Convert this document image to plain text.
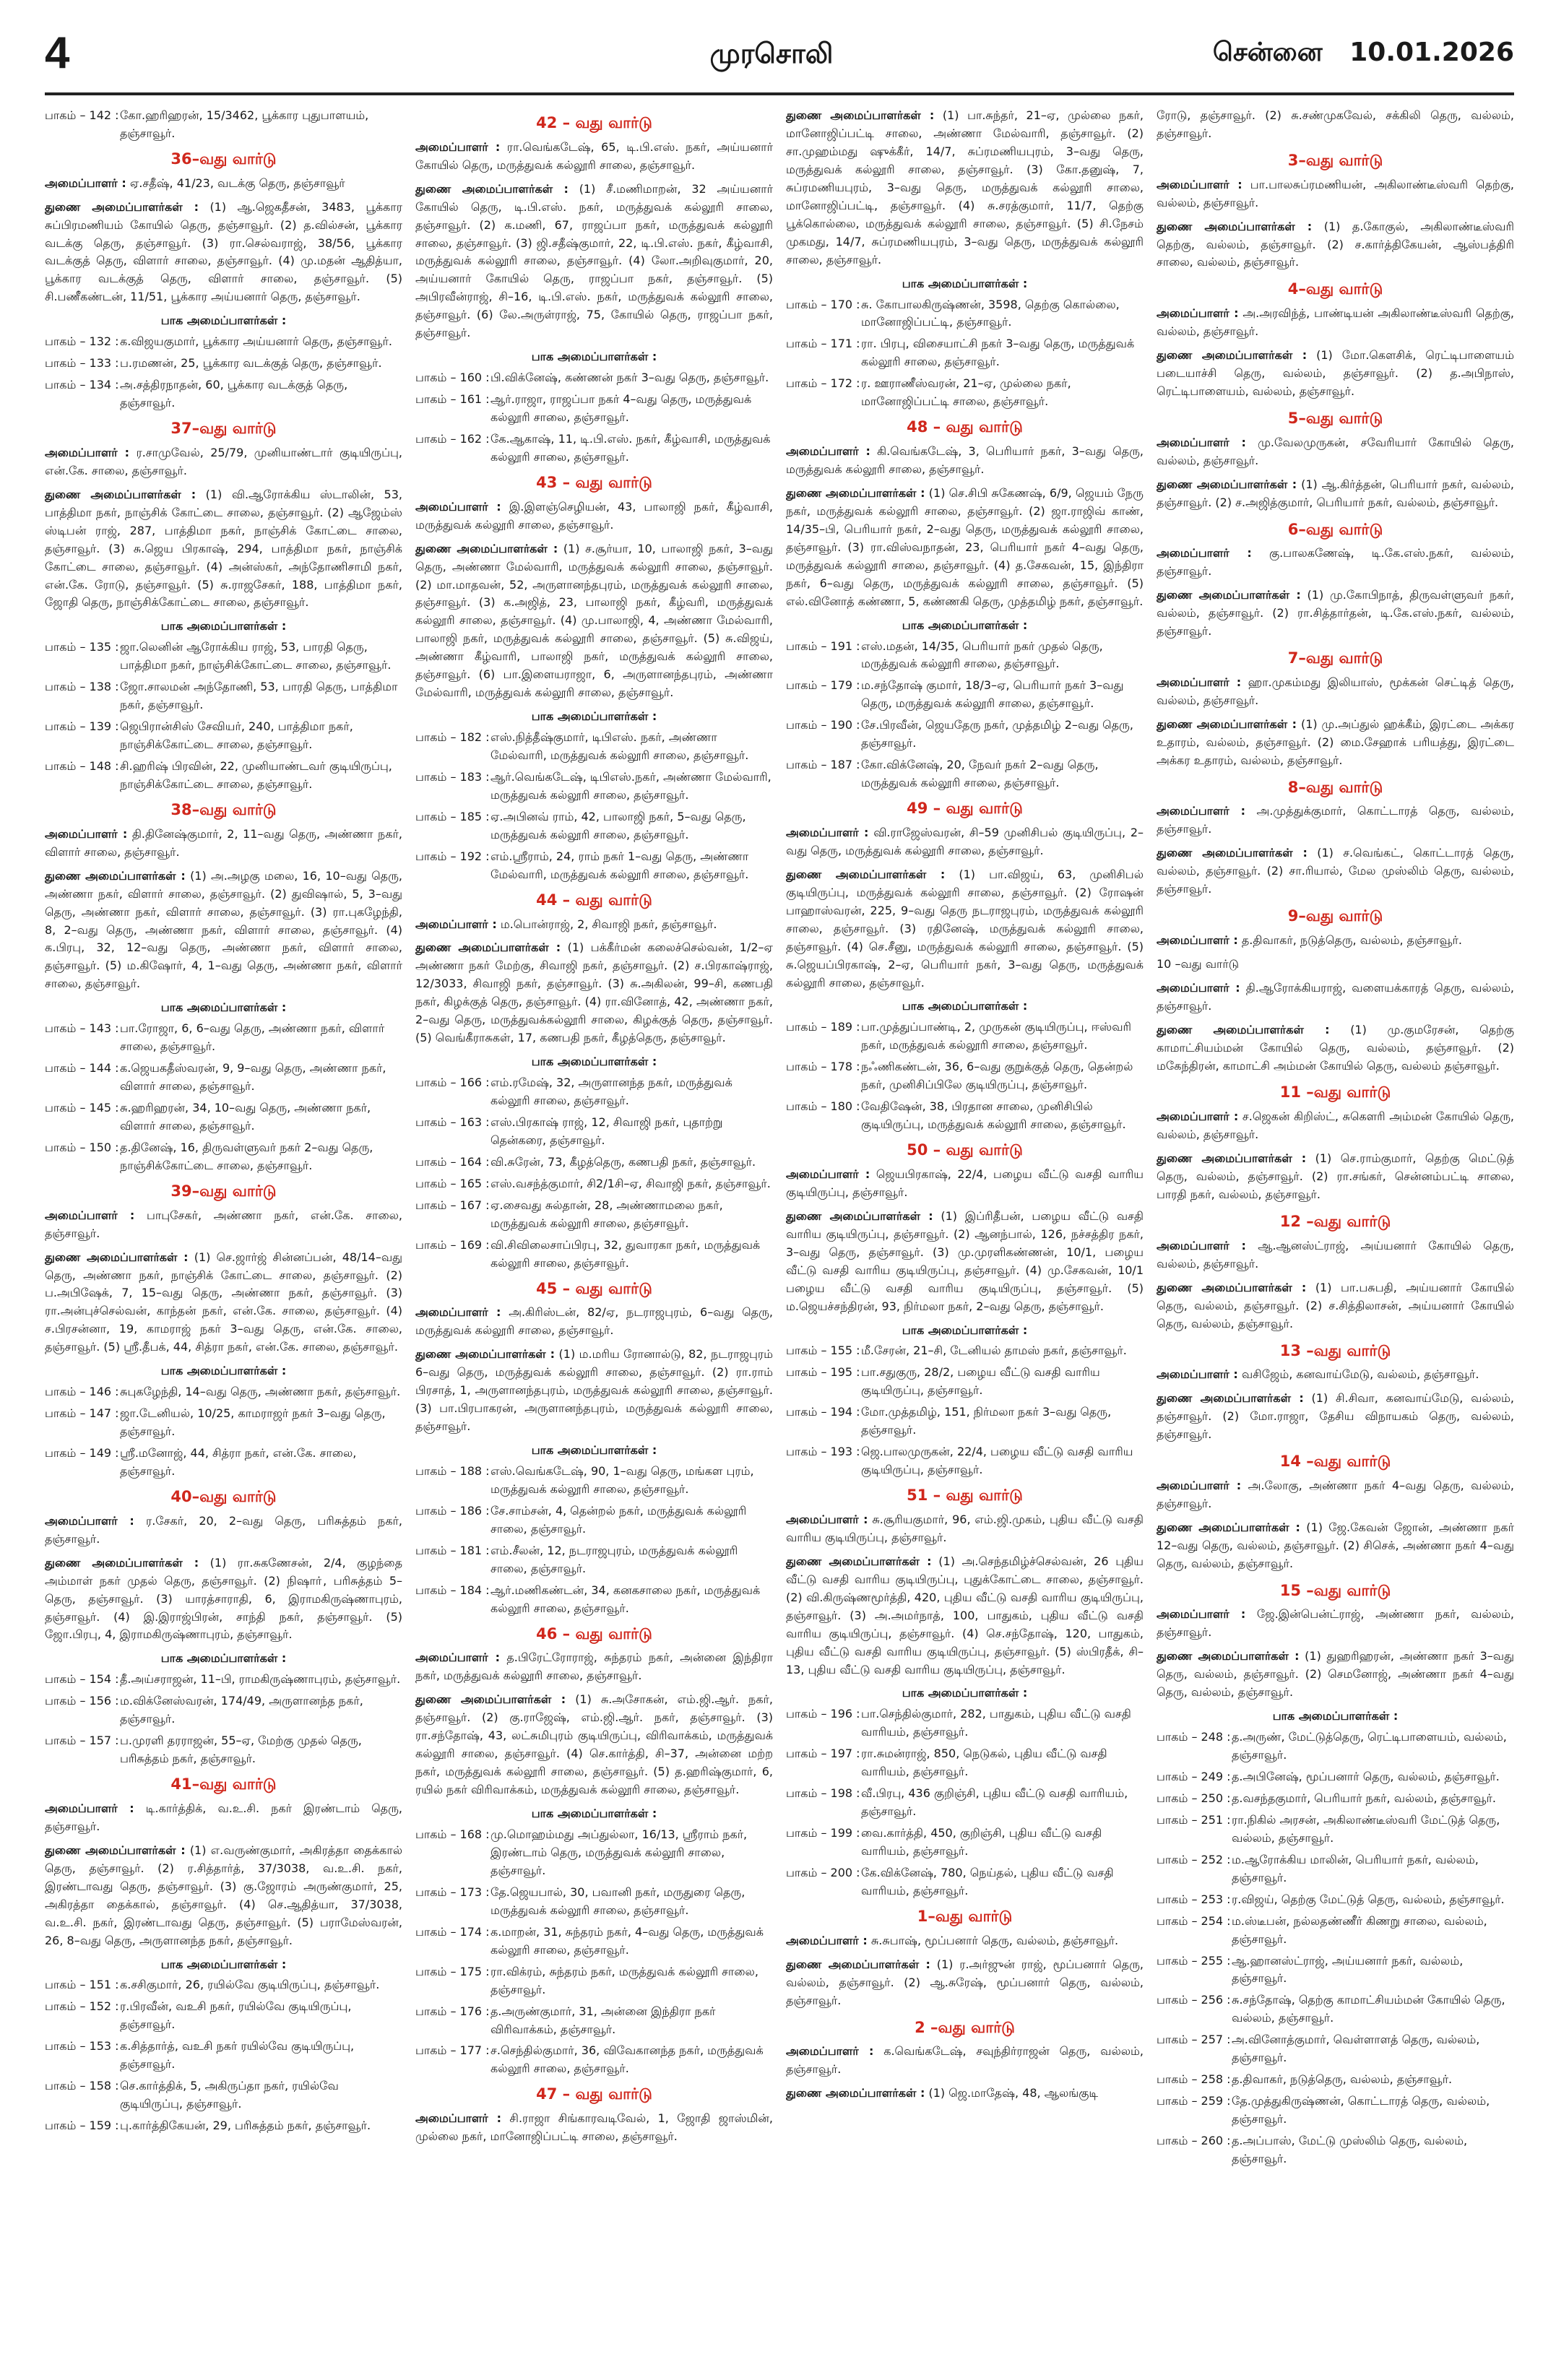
4	முரசொலி	சென்னை   10.01.2026
பாகம் – 142 : கோ.ஹரிஹரன், 15/3462, பூக்கார புதுபாளயம், தஞ்சாவூர்.
36–வது வார்டு

அமைப்பாளர் : ஏ.சதீஷ், 41/23, வடக்கு தெரு, தஞ்சாவூர்

துணை அமைப்பாளர்கள் : (1) ஆ.ஜெகதீசன், 3483, பூக்கார சுப்பிரமணியம் கோயில் தெரு, தஞ்சாவூர். (2) த.வில்சன், பூக்கார வடக்கு தெரு, தஞ்சாவூர். (3) ரா.செல்வராஜ், 38/56, பூக்கார வடக்குத் தெரு, விளார் சாலை, தஞ்சாவூர். (4) மு.மதன் ஆதித்யா, பூக்கார வடக்குத் தெரு, விளார் சாலை, தஞ்சாவூர். (5) சி.பணீகண்டன், 11/51, பூக்கார அய்யனார் தெரு, தஞ்சாவூர்.

பாக அமைப்பாளர்கள் :
பாகம் – 132 : க.விஜயகுமார், பூக்கார அய்யனார் தெரு, தஞ்சாவூர்.
பாகம் – 133 : ப.ரமணன், 25, பூக்கார வடக்குத் தெரு, தஞ்சாவூர்.
பாகம் – 134 : அ.சத்திரநாதன், 60, பூக்கார வடக்குத் தெரு, தஞ்சாவூர்.
37–வது வார்டு

அமைப்பாளர் : ர.சாமுவேல், 25/79, முனியாண்டார் குடியிருப்பு, என்.கே. சாலை, தஞ்சாவூர்.

துணை அமைப்பாளர்கள் : (1) வி.ஆரோக்கிய ஸ்டாலின், 53, பாத்திமா நகர், நாஞ்சிக் கோட்டை சாலை, தஞ்சாவூர். (2) ஆஜேம்ஸ் ஸ்டிபன் ராஜ், 287, பாத்திமா நகர், நாஞ்சிக் கோட்டை சாலை, தஞ்சாவூர். (3) சு.ஜெய பிரகாஷ், 294, பாத்திமா நகர், நாஞ்சிக் கோட்டை சாலை, தஞ்சாவூர். (4) அன்ஸ்கர், அந்தோணிசாமி நகர், என்.கே. ரோடு, தஞ்சாவூர். (5) சு.ராஜசேகர், 188, பாத்திமா நகர், ஜோதி தெரு, நாஞ்சிக்கோட்டை சாலை, தஞ்சாவூர்.

பாக அமைப்பாளர்கள் :
பாகம் – 135 : ஜா.லெனின் ஆரோக்கிய ராஜ், 53, பாரதி தெரு, பாத்திமா நகர், நாஞ்சிக்கோட்டை சாலை, தஞ்சாவூர்.
பாகம் – 138 : ஜோ.சாலமன் அந்தோணி, 53, பாரதி தெரு, பாத்திமா நகர், தஞ்சாவூர்.
பாகம் – 139 : ஜெபிரான்சிஸ் சேவியர், 240, பாத்திமா நகர், நாஞ்சிக்கோட்டை சாலை, தஞ்சாவூர்.
பாகம் – 148 : சி.ஹரிஷ் பிரவின், 22, முனியாண்டவர் குடியிருப்பு, நாஞ்சிக்கோட்டை சாலை, தஞ்சாவூர்.
38–வது வார்டு

அமைப்பாளர் : தி.தினேஷ்குமார், 2, 11–வது தெரு, அண்ணா நகர், விளார் சாலை, தஞ்சாவூர்.

துணை அமைப்பாளர்கள் : (1) அ.அழகு மலை, 16, 10–வது தெரு, அண்ணா நகர், விளார் சாலை, தஞ்சாவூர். (2) துவிஷால், 5, 3–வது தெரு, அண்ணா நகர், விளார் சாலை, தஞ்சாவூர். (3) ரா.புகழேந்தி, 8, 2–வது தெரு, அண்ணா நகர், விளார் சாலை, தஞ்சாவூர். (4) க.பிரபு, 32, 12–வது தெரு, அண்ணா நகர், விளார் சாலை, தஞ்சாவூர். (5) ம.கிஷோர், 4, 1–வது தெரு, அண்ணா நகர், விளார் சாலை, தஞ்சாவூர்.

பாக அமைப்பாளர்கள் :
பாகம் – 143 : பா.ரோஜா, 6, 6–வது தெரு, அண்ணா நகர், விளார் சாலை, தஞ்சாவூர்.
பாகம் – 144 : க.ஜெயகதீஸ்வரன், 9, 9–வது தெரு, அண்ணா நகர், விளார் சாலை, தஞ்சாவூர்.
பாகம் – 145 : சு.ஹரிஹரன், 34, 10–வது தெரு, அண்ணா நகர், விளார் சாலை, தஞ்சாவூர்.
பாகம் – 150 : த.தினேஷ், 16, திருவள்ளுவர் நகர் 2–வது தெரு, நாஞ்சிக்கோட்டை சாலை, தஞ்சாவூர்.
39–வது வார்டு

அமைப்பாளர் : பாபுசேகர், அண்ணா நகர், என்.கே. சாலை, தஞ்சாவூர்.

துணை அமைப்பாளர்கள் : (1) செ.ஜார்ஜ் சின்னப்பன், 48/14–வது தெரு, அண்ணா நகர், நாஞ்சிக் கோட்டை சாலை, தஞ்சாவூர். (2) ப.அபிஷேக், 7, 15–வது தெரு, அண்ணா நகர், தஞ்சாவூர். (3) ரா.அன்புச்செல்வன், காந்தன் நகர், என்.கே. சாலை, தஞ்சாவூர். (4) ச.பிரசன்னா, 19, காமராஜ் நகர் 3–வது தெரு, என்.கே. சாலை, தஞ்சாவூர். (5) ஸ்ரீ.தீபக், 44, சித்ரா நகர், என்.கே. சாலை, தஞ்சாவூர்.

பாக அமைப்பாளர்கள் :
பாகம் – 146 : சுபுகழேந்தி, 14–வது தெரு, அண்ணா நகர், தஞ்சாவூர்.
பாகம் – 147 : ஜா.டேனியல், 10/25, காமராஜர் நகர் 3–வது தெரு, தஞ்சாவூர்.
பாகம் – 149 : ஸ்ரீ.மனோஜ், 44, சித்ரா நகர், என்.கே. சாலை, தஞ்சாவூர்.
40–வது வார்டு

அமைப்பாளர் : ர.சேகர், 20, 2–வது தெரு, பரிசுத்தம் நகர், தஞ்சாவூர்.

துணை அமைப்பாளர்கள் : (1) ரா.சுகணேசன், 2/4, குழந்தை அம்மாள் நகர் முதல் தெரு, தஞ்சாவூர். (2) நிஷாா், பரிசுத்தம் 5–தெரு, தஞ்சாவூர். (3) யாரத்சாராதி, 6, இராமகிருஷ்ணாபுரம், தஞ்சாவூர். (4) இ.இராஜ்பிரன், சாந்தி நகர், தஞ்சாவூர். (5) ஜோ.பிரபு, 4, இராமகிருஷ்ணாபுரம், தஞ்சாவூர்.

பாக அமைப்பாளர்கள் :
பாகம் – 154 : தீ.அய்சராஜன், 11–பி, ராமகிருஷ்ணாபுரம், தஞ்சாவூர்.
பாகம் – 156 : ம.விக்னேஸ்வரன், 174/49, அருளானந்த நகர், தஞ்சாவூர்.
பாகம் – 157 : ப.முரளி தரராஜன், 55–ஏ, மேற்கு முதல் தெரு, பரிசுத்தம் நகர், தஞ்சாவூர்.
41–வது வார்டு

அமைப்பாளர் : டி.கார்த்திக், வ.உ.சி. நகர் இரண்டாம் தெரு, தஞ்சாவூர்.

துணை அமைப்பாளர்கள் : (1) எ.வருண்குமார், அகிரத்தா தைக்கால் தெரு, தஞ்சாவூர். (2) ர.சித்தார்த், 37/3038, வ.உ.சி. நகர், இரண்டாவது தெரு, தஞ்சாவூர். (3) கு.ஜோரம் அருண்குமார், 25, அகிரத்தா தைக்கால், தஞ்சாவூர். (4) செ.ஆதித்யா, 37/3038, வ.உ.சி. நகர், இரண்டாவது தெரு, தஞ்சாவூர். (5) பராமேஸ்வரன், 26, 8–வது தெரு, அருளானந்த நகர், தஞ்சாவூர்.

பாக அமைப்பாளர்கள் :
பாகம் – 151 : க.சசிகுமார், 26, ரயில்வே குடியிருப்பு, தஞ்சாவூர்.
பாகம் – 152 : ர.பிரவீன், வஉசி நகர், ரயில்வே குடியிருப்பு, தஞ்சாவூர்.
பாகம் – 153 : க.சித்தார்த், வஉசி நகர் ரயில்வே குடியிருப்பு, தஞ்சாவூர்.
பாகம் – 158 : செ.கார்த்திக், 5, அகிருப்தா நகர், ரயில்வே குடியிருப்பு, தஞ்சாவூர்.
பாகம் – 159 : பு.கார்த்திகேயன், 29, பரிசுத்தம் நகர், தஞ்சாவூர்.
42 – வது வார்டு

அமைப்பாளர் : ரா.வெங்கடேஷ், 65, டி.பி.எஸ். நகர், அய்யனார் கோயில் தெரு, மருத்துவக் கல்லூரி சாலை, தஞ்சாவூர்.

துணை அமைப்பாளர்கள் : (1) சீ.மணிமாறன், 32 அய்யனார் கோயில் தெரு, டி.பி.எஸ். நகர், மருத்துவக் கல்லூரி சாலை, தஞ்சாவூர். (2) க.மணி, 67, ராஜப்பா நகர், மருத்துவக் கல்லூரி சாலை, தஞ்சாவூர். (3) ஜி.சதீஷ்குமார், 22, டி.பி.எஸ். நகர், கீழ்வாசி, மருத்துவக் கல்லூரி சாலை, தஞ்சாவூர். (4) லோ.அறிவுகுமார், 20, அய்யனார் கோயில் தெரு, ராஜப்பா நகர், தஞ்சாவூர். (5) அபிரவீன்ராஜ், சி–16, டி.பி.எஸ். நகர், மருத்துவக் கல்லூரி சாலை, தஞ்சாவூர். (6) லே.அருள்ராஜ், 75, கோயில் தெரு, ராஜப்பா நகர், தஞ்சாவூர்.

பாக அமைப்பாளர்கள் :
பாகம் – 160 : பி.விக்னேஷ், கண்ணன் நகர் 3–வது தெரு, தஞ்சாவூர்.
பாகம் – 161 : ஆர்.ராஜா, ராஜப்பா நகர் 4–வது தெரு, மருத்துவக் கல்லூரி சாலை, தஞ்சாவூர்.
பாகம் – 162 : கே.ஆகாஷ், 11, டி.பி.எஸ். நகர், கீழ்வாசி, மருத்துவக் கல்லூரி சாலை, தஞ்சாவூர்.
43 – வது வார்டு

அமைப்பாளர் : இ.இளஞ்செழியன், 43, பாலாஜி நகர், கீழ்வாசி, மருத்துவக் கல்லூரி சாலை, தஞ்சாவூர்.

துணை அமைப்பாளர்கள் : (1) ச.சூர்யா, 10, பாலாஜி நகர், 3–வது தெரு, அண்ணா மேல்வாரி, மருத்துவக் கல்லூரி சாலை, தஞ்சாவூர். (2) மா.மாதவன், 52, அருளானந்தபுரம், மருத்துவக் கல்லூரி சாலை, தஞ்சாவூர். (3) க.அஜித், 23, பாலாஜி நகர், கீழ்வரி, மருத்துவக் கல்லூரி சாலை, தஞ்சாவூர். (4) மு.பாலாஜி, 4, அண்ணா மேல்வாரி, பாலாஜி நகர், மருத்துவக் கல்லூரி சாலை, தஞ்சாவூர். (5) சு.விஜய், அண்ணா கீழ்வாரி, பாலாஜி நகர், மருத்துவக் கல்லூரி சாலை, தஞ்சாவூர். (6) பா.இளையராஜா, 6, அருளானந்தபுரம், அண்ணா மேல்வாரி, மருத்துவக் கல்லூரி சாலை, தஞ்சாவூர்.

பாக அமைப்பாளர்கள் :
பாகம் – 182 : எஸ்.நித்தீஷ்குமார், டிபிஎஸ். நகர், அண்ணா மேல்வாரி, மருத்துவக் கல்லூரி சாலை, தஞ்சாவூர்.
பாகம் – 183 : ஆர்.வெங்கடேஷ், டிபிஎஸ்.நகர், அண்ணா மேல்வாரி, மருத்துவக் கல்லூரி சாலை, தஞ்சாவூர்.
பாகம் – 185 : ஏ.அபினவ் ராம், 42, பாலாஜி நகர், 5–வது தெரு, மருத்துவக் கல்லூரி சாலை, தஞ்சாவூர்.
பாகம் – 192 : எம்.ஸ்ரீராம், 24, ராம் நகர் 1–வது தெரு, அண்ணா மேல்வாரி, மருத்துவக் கல்லூரி சாலை, தஞ்சாவூர்.
44 – வது வார்டு

அமைப்பாளர் : ம.பொன்ராஜ், 2, சிவாஜி நகர், தஞ்சாவூர்.

துணை அமைப்பாளர்கள் : (1) பக்கீர்மன் கலைச்செல்வன், 1/2–ஏ அண்ணா நகர் மேற்கு, சிவாஜி நகர், தஞ்சாவூர். (2) ச.பிரகாஷ்ராஜ், 12/3033, சிவாஜி நகர், தஞ்சாவூர். (3) சு.அகிலன், 99–சி, கணபதி நகர், கிழக்குத் தெரு, தஞ்சாவூர். (4) ரா.வினோத், 42, அண்ணா நகர், 2–வது தெரு, மருத்துவக்கல்லூரி சாலை, கிழக்குத் தெரு, தஞ்சாவூர். (5) வெங்கீராசுகள், 17, கணபதி நகர், கீழத்தெரு, தஞ்சாவூர்.

பாக அமைப்பாளர்கள் :
பாகம் – 166 : எம்.ரமேஷ், 32, அருளானந்த நகர், மருத்துவக் கல்லூரி சாலை, தஞ்சாவூர்.
பாகம் – 163 : எஸ்.பிரகாஷ் ராஜ், 12, சிவாஜி நகர், புதாற்று தென்கரை, தஞ்சாவூர்.
பாகம் – 164 : வி.சுரேன், 73, கீழத்தெரு, கணபதி நகர், தஞ்சாவூர்.
பாகம் – 165 : எஸ்.வசந்த்குமார், சி2/1சி–ஏ, சிவாஜி நகர், தஞ்சாவூர்.
பாகம் – 167 : ஏ.சைவது சுல்தான், 28, அண்ணாமலை நகர், மருத்துவக் கல்லூரி சாலை, தஞ்சாவூர்.
பாகம் – 169 : வி.சிவிலைசாப்பிரபு, 32, துவாரகா நகர், மருத்துவக் கல்லூரி சாலை, தஞ்சாவூர்.
45 – வது வார்டு

அமைப்பாளர் : அ.கிரிஸ்டன், 82/ஏ, நடராஜபுரம், 6–வது தெரு, மருத்துவக் கல்லூரி சாலை, தஞ்சாவூர்.

துணை அமைப்பாளர்கள் : (1) ம.மரிய ரோனால்டு, 82, நடராஜபுரம் 6–வது தெரு, மருத்துவக் கல்லூரி சாலை, தஞ்சாவூர். (2) ரா.ராம் பிரசாத், 1, அருளானந்தபுரம், மருத்துவக் கல்லூரி சாலை, தஞ்சாவூர். (3) பா.பிரபாகரன், அருளானந்தபுரம், மருத்துவக் கல்லூரி சாலை, தஞ்சாவூர்.

பாக அமைப்பாளர்கள் :
பாகம் – 188 : எஸ்.வெங்கடேஷ், 90, 1–வது தெரு, மங்கள புரம், மருத்துவக் கல்லூரி சாலை, தஞ்சாவூர்.
பாகம் – 186 : சே.சாம்சன், 4, தென்றல் நகர், மருத்துவக் கல்லூரி சாலை, தஞ்சாவூர்.
பாகம் – 181 : எம்.சீலன், 12, நடராஜபுரம், மருத்துவக் கல்லூரி சாலை, தஞ்சாவூர்.
பாகம் – 184 : ஆர்.மணிகண்டன், 34, கனகசாலை நகர், மருத்துவக் கல்லூரி சாலை, தஞ்சாவூர்.
46 – வது வார்டு

அமைப்பாளர் : த.பிரேட்ரோராஜ், சுந்தரம் நகர், அன்னை இந்திரா நகர், மருத்துவக் கல்லூரி சாலை, தஞ்சாவூர்.

துணை அமைப்பாளர்கள் : (1) சு.அசோகன், எம்.ஜி.ஆர். நகர், தஞ்சாவூர். (2) கு.ராஜேஷ், எம்.ஜி.ஆர். நகர், தஞ்சாவூர். (3) ரா.சந்தோஷ், 43, லட்சுமிபுரம் குடியிருப்பு, விரிவாக்கம், மருத்துவக் கல்லூரி சாலை, தஞ்சாவூர். (4) செ.கார்த்தி, சி–37, அன்னை மற்ற நகர், மருத்துவக் கல்லூரி சாலை, தஞ்சாவூர். (5) த.ஹரிஷ்குமார், 6, ரயில் நகர் விரிவாக்கம், மருத்துவக் கல்லூரி சாலை, தஞ்சாவூர்.

பாக அமைப்பாளர்கள் :
பாகம் – 168 : மு.மொஹம்மது அப்துல்லா, 16/13, ஸ்ரீராம் நகர், இரண்டாம் தெரு, மருத்துவக் கல்லூரி சாலை, தஞ்சாவூர்.
பாகம் – 173 : தே.ஜெயபால், 30, பவானி நகர், மருதுரை தெரு, மருத்துவக் கல்லூரி சாலை, தஞ்சாவூர்.
பாகம் – 174 : க.மாறன், 31, சுந்தரம் நகர், 4–வது தெரு, மருத்துவக் கல்லூரி சாலை, தஞ்சாவூர்.
பாகம் – 175 : ரா.விக்ரம், சுந்தரம் நகர், மருத்துவக் கல்லூரி சாலை, தஞ்சாவூர்.
பாகம் – 176 : த.அருண்குமார், 31, அன்னை இந்திரா நகர் விரிவாக்கம், தஞ்சாவூர்.
பாகம் – 177 : ச.செந்தில்குமார், 36, விவேகானந்த நகர், மருத்துவக் கல்லூரி சாலை, தஞ்சாவூர்.
47 – வது வார்டு

அமைப்பாளர் : சி.ராஜா சிங்காரவடிவேல், 1, ஜோதி ஜாஸ்மின், முல்லை நகர், மானோஜிப்பட்டி சாலை, தஞ்சாவூர்.

துணை அமைப்பாளர்கள் : (1) பா.சுந்தர், 21–ஏ, முல்லை நகர், மானோஜிப்பட்டி சாலை, அண்ணா மேல்வாரி, தஞ்சாவூர். (2) சா.முஹம்மது ஷுக்கீர், 14/7, சுப்ரமணியபுரம், 3–வது தெரு, மருத்துவக் கல்லூரி சாலை, தஞ்சாவூர். (3) கோ.தனுஷ், 7, சுப்ரமணியபுரம், 3–வது தெரு, மருத்துவக் கல்லூரி சாலை, மானோஜிப்பட்டி, தஞ்சாவூர். (4) சு.சரத்குமார், 11/7, தெற்கு பூக்கொல்லை, மருத்துவக் கல்லூரி சாலை, தஞ்சாவூர். (5) சி.நேசம் முகமது, 14/7, சுப்ரமணியபுரம், 3–வது தெரு, மருத்துவக் கல்லூரி சாலை, தஞ்சாவூர்.

பாக அமைப்பாளர்கள் :
பாகம் – 170 : சு. கோபாலகிருஷ்ணன், 3598, தெற்கு கொல்லை, மானோஜிப்பட்டி, தஞ்சாவூர்.
பாகம் – 171 : ரா. பிரபு, விசையாட்சி நகர் 3–வது தெரு, மருத்துவக் கல்லூரி சாலை, தஞ்சாவூர்.
பாகம் – 172 : ர. ஊராணீஸ்வரன், 21–ஏ, முல்லை நகர், மானோஜிப்பட்டி சாலை, தஞ்சாவூர்.
48 – வது வார்டு

அமைப்பாளர் : கி.வெங்கடேஷ், 3, பெரியார் நகர், 3–வது தெரு, மருத்துவக் கல்லூரி சாலை, தஞ்சாவூர்.

துணை அமைப்பாளர்கள் : (1) செ.சிபி சுகேணஷ், 6/9, ஜெயம் நேரு நகர், மருத்துவக் கல்லூரி சாலை, தஞ்சாவூர். (2) ஜா.ராஜிவ் காண், 14/35–பி, பெரியார் நகர், 2–வது தெரு, மருத்துவக் கல்லூரி சாலை, தஞ்சாவூர். (3) ரா.விஸ்வநாதன், 23, பெரியார் நகர் 4–வது தெரு, மருத்துவக் கல்லூரி சாலை, தஞ்சாவூர். (4) த.சேகவன், 15, இந்திரா நகர், 6–வது தெரு, மருத்துவக் கல்லூரி சாலை, தஞ்சாவூர். (5) எல்.வினோத் கண்ணா, 5, கண்ணகி தெரு, முத்தமிழ் நகர், தஞ்சாவூர்.

பாக அமைப்பாளர்கள் :
பாகம் – 191 : எஸ்.மதன், 14/35, பெரியார் நகர் முதல் தெரு, மருத்துவக் கல்லூரி சாலை, தஞ்சாவூர்.
பாகம் – 179 : ம.சந்தோஷ் குமார், 18/3–ஏ, பெரியார் நகர் 3–வது தெரு, மருத்துவக் கல்லூரி சாலை, தஞ்சாவூர்.
பாகம் – 190 : சே.பிரவீன், ஜெயதேரு நகர், முத்தமிழ் 2–வது தெரு, தஞ்சாவூர்.
பாகம் – 187 : கோ.விக்னேஷ், 20, நேவர் நகர் 2–வது தெரு, மருத்துவக் கல்லூரி சாலை, தஞ்சாவூர்.
49 – வது வார்டு

அமைப்பாளர் : வி.ராஜேஸ்வரன், சி–59 முனிசிபல் குடியிருப்பு, 2–வது தெரு, மருத்துவக் கல்லூரி சாலை, தஞ்சாவூர்.

துணை அமைப்பாளர்கள் : (1) பா.விஜய், 63, முனிசிபல் குடியிருப்பு, மருத்துவக் கல்லூரி சாலை, தஞ்சாவூர். (2) ரோஷன் பாஹாஸ்வரன், 225, 9–வது தெரு நடராஜபுரம், மருத்துவக் கல்லூரி சாலை, தஞ்சாவூர். (3) ரதினேஷ், மருத்துவக் கல்லூரி சாலை, தஞ்சாவூர். (4) செ.சீனு, மருத்துவக் கல்லூரி சாலை, தஞ்சாவூர். (5) சு.ஜெயப்பிரகாஷ், 2–ஏ, பெரியார் நகர், 3–வது தெரு, மருத்துவக் கல்லூரி சாலை, தஞ்சாவூர்.

பாக அமைப்பாளர்கள் :
பாகம் – 189 : பா.முத்துப்பாண்டி, 2, முருகன் குடியிருப்பு, ஈஸ்வரி நகர், மருத்துவக் கல்லூரி சாலை, தஞ்சாவூர்.
பாகம் – 178 : நஃணிகண்டன், 36, 6–வது குறுக்குத் தெரு, தென்றல் நகர், முனிசிப்பிலே குடியிருப்பு, தஞ்சாவூர்.
பாகம் – 180 : வேதிஷேன், 38, பிரதான சாலை, முனிசிபில் குடியிருப்பு, மருத்துவக் கல்லூரி சாலை, தஞ்சாவூர்.
50 – வது வார்டு

அமைப்பாளர் : ஜெயபிரகாஷ், 22/4, பழைய வீட்டு வசதி வாரிய குடியிருப்பு, தஞ்சாவூர்.

துணை அமைப்பாளர்கள் : (1) இப்ரிதீபன், பழைய வீட்டு வசதி வாரிய குடியிருப்பு, தஞ்சாவூர். (2) ஆனந்பால், 126, நச்சத்திர நகர், 3–வது தெரு, தஞ்சாவூர். (3) மு.முரளிகண்ணன், 10/1, பழைய வீட்டு வசதி வாரிய குடியிருப்பு, தஞ்சாவூர். (4) மு.சேகவன், 10/1 பழைய வீட்டு வசதி வாரிய குடியிருப்பு, தஞ்சாவூர். (5) ம.ஜெயச்சந்திரன், 93, நிர்மலா நகர், 2–வது தெரு, தஞ்சாவூர்.

பாக அமைப்பாளர்கள் :
பாகம் – 155 : மீ.சேரன், 21–சி, டேனியல் தாமஸ் நகர், தஞ்சாவூர்.
பாகம் – 195 : பா.சதுகுரு, 28/2, பழைய வீட்டு வசதி வாரிய குடியிருப்பு, தஞ்சாவூர்.
பாகம் – 194 : மோ.முத்தமிழ், 151, நிர்மலா நகர் 3–வது தெரு, தஞ்சாவூர்.
பாகம் – 193 : ஜெ.பாலமுருகன், 22/4, பழைய வீட்டு வசதி வாரிய குடியிருப்பு, தஞ்சாவூர்.
51 – வது வார்டு

அமைப்பாளர் : சு.சூரியகுமார், 96, எம்.ஜி.முகம், புதிய வீட்டு வசதி வாரிய குடியிருப்பு, தஞ்சாவூர்.

துணை அமைப்பாளர்கள் : (1) அ.செந்தமிழ்ச்செல்வன், 26 புதிய வீட்டு வசதி வாரிய குடியிருப்பு, புதுக்கோட்டை சாலை, தஞ்சாவூர். (2) வி.கிருஷ்ணமூர்த்தி, 420, புதிய வீட்டு வசதி வாரிய குடியிருப்பு, தஞ்சாவூர். (3) அ.அமர்நாத், 100, பாதுகம், புதிய வீட்டு வசதி வாரிய குடியிருப்பு, தஞ்சாவூர். (4) செ.சந்தோஷ், 120, பாதுகம், புதிய வீட்டு வசதி வாரிய குடியிருப்பு, தஞ்சாவூர். (5) ஸ்பிரதீக், சி–13, புதிய வீட்டு வசதி வாரிய குடியிருப்பு, தஞ்சாவூர்.

பாக அமைப்பாளர்கள் :
பாகம் – 196 : பா.செந்தில்குமார், 282, பாதுகம், புதிய வீட்டு வசதி வாரியம், தஞ்சாவூர்.
பாகம் – 197 : ரா.சுமன்ராஜ், 850, நெடுகல், புதிய வீட்டு வசதி வாரியம், தஞ்சாவூர்.
பாகம் – 198 : வீ.பிரபு, 436 குறிஞ்சி, புதிய வீட்டு வசதி வாரியம், தஞ்சாவூர்.
பாகம் – 199 : வை.கார்த்தி, 450, குறிஞ்சி, புதிய வீட்டு வசதி வாரியம், தஞ்சாவூர்.
பாகம் – 200 : கே.விக்னேஷ், 780, நெய்தல், புதிய வீட்டு வசதி வாரியம், தஞ்சாவூர்.
1–வது வார்டு

அமைப்பாளர் : சு.சுபாஷ், மூப்பனார் தெரு, வல்லம், தஞ்சாவூர்.

துணை அமைப்பாளர்கள் : (1) ர.அர்ஜுன் ராஜ், மூப்பனார் தெரு, வல்லம், தஞ்சாவூர். (2) ஆ.சுரேஷ், மூப்பனார் தெரு, வல்லம், தஞ்சாவூர்.

2 –வது வார்டு

அமைப்பாளர் : க.வெங்கடேஷ், சவுந்திர்ராஜன் தெரு, வல்லம், தஞ்சாவூர்.

துணை அமைப்பாளர்கள் : (1) ஜெ.மாதேஷ், 48, ஆலங்குடி

ரோடு, தஞ்சாவூர். (2) சு.சண்முகவேல், சக்கிலி தெரு, வல்லம், தஞ்சாவூர்.

3–வது வார்டு

அமைப்பாளர் : பா.பாலசுப்ரமணியன், அகிலாண்டீஸ்வரி தெற்கு, வல்லம், தஞ்சாவூர்.

துணை அமைப்பாளர்கள் : (1) த.கோகுல், அகிலாண்டீஸ்வரி தெற்கு, வல்லம், தஞ்சாவூர். (2) ச.கார்த்திகேயன், ஆஸ்பத்திரி சாலை, வல்லம், தஞ்சாவூர்.

4–வது வார்டு

அமைப்பாளர் : அ.அரவிந்த், பாண்டியன் அகிலாண்டீஸ்வரி தெற்கு, வல்லம், தஞ்சாவூர்.

துணை அமைப்பாளர்கள் : (1) மோ.கௌசிக், ரெட்டிபாளையம் படையாச்சி தெரு, வல்லம், தஞ்சாவூர். (2) த.அபிநாஸ், ரெட்டிபாளையம், வல்லம், தஞ்சாவூர்.

5–வது வார்டு

அமைப்பாளர் : மு.வேலமுருகன், சவேரியார் கோயில் தெரு, வல்லம், தஞ்சாவூர்.

துணை அமைப்பாளர்கள் : (1) ஆ.கிர்த்தன், பெரியார் நகர், வல்லம், தஞ்சாவூர். (2) ச.அஜித்குமார், பெரியார் நகர், வல்லம், தஞ்சாவூர்.

6–வது வார்டு

அமைப்பாளர் : கு.பாலகணேஷ், டி.கே.எஸ்.நகர், வல்லம், தஞ்சாவூர்.

துணை அமைப்பாளர்கள் : (1) மு.கோபிநாத், திருவள்ளுவர் நகர், வல்லம், தஞ்சாவூர். (2) ரா.சித்தார்தன், டி.கே.எஸ்.நகர், வல்லம், தஞ்சாவூர்.

7–வது வார்டு

அமைப்பாளர் : ஹா.முகம்மது இலியாஸ், மூக்கன் செட்டித் தெரு, வல்லம், தஞ்சாவூர்.

துணை அமைப்பாளர்கள் : (1) மு.அப்துல் ஹக்கீம், இரட்டை அக்கர உதாரம், வல்லம், தஞ்சாவூர். (2) மை.சேஹாக் பரியத்து, இரட்டை அக்கர உதாரம், வல்லம், தஞ்சாவூர்.

8–வது வார்டு

அமைப்பாளர் : அ.முத்துக்குமார், கொட்டாரத் தெரு, வல்லம், தஞ்சாவூர்.

துணை அமைப்பாளர்கள் : (1) ச.வெங்கட், கொட்டாரத் தெரு, வல்லம், தஞ்சாவூர். (2) சா.ரியால், மேல முஸ்லிம் தெரு, வல்லம், தஞ்சாவூர்.

9–வது வார்டு

அமைப்பாளர் : த.திவாகர், நடுத்தெரு, வல்லம், தஞ்சாவூர்.

10 –வது வார்டு

அமைப்பாளர் : தி.ஆரோக்கியராஜ், வளையக்காரத் தெரு, வல்லம், தஞ்சாவூர்.

துணை அமைப்பாளர்கள் : (1) மு.குமரேசன், தெற்கு காமாட்சியம்மன் கோயில் தெரு, வல்லம், தஞ்சாவூர். (2) மகேந்திரன், காமாட்சி அம்மன் கோயில் தெரு, வல்லம் தஞ்சாவூர்.

11 –வது வார்டு

அமைப்பாளர் : ச.ஜெகன் கிறிஸ்ட், சுகௌரி அம்மன் கோயில் தெரு, வல்லம், தஞ்சாவூர்.

துணை அமைப்பாளர்கள் : (1) செ.ராம்குமார், தெற்கு மெட்டுத் தெரு, வல்லம், தஞ்சாவூர். (2) ரா.சங்கர், சென்னம்பட்டி சாலை, பாரதி நகர், வல்லம், தஞ்சாவூர்.

12 –வது வார்டு

அமைப்பாளர் : ஆ.ஆனஸ்ட்ராஜ், அய்யனார் கோயில் தெரு, வல்லம், தஞ்சாவூர்.

துணை அமைப்பாளர்கள் : (1) பா.பசுபதி, அய்யனார் கோயில் தெரு, வல்லம், தஞ்சாவூர். (2) ச.சித்திலாசன், அய்யனார் கோயில் தெரு, வல்லம், தஞ்சாவூர்.

13 –வது வார்டு

அமைப்பாளர் : வசிஜேம், கனவாய்மேடு, வல்லம், தஞ்சாவூர்.

துணை அமைப்பாளர்கள் : (1) சி.சிவா, கனவாய்மேடு, வல்லம், தஞ்சாவூர். (2) மோ.ராஜா, தேசிய விநாயகம் தெரு, வல்லம், தஞ்சாவூர்.

14 –வது வார்டு

அமைப்பாளர் : அ.லோகு, அண்ணா நகர் 4–வது தெரு, வல்லம், தஞ்சாவூர்.

துணை அமைப்பாளர்கள் : (1) ஜே.கேவன் ஜோன், அண்ணா நகர் 12–வது தெரு, வல்லம், தஞ்சாவூர். (2) சிசெக், அண்ணா நகர் 4–வது தெரு, வல்லம், தஞ்சாவூர்.

15 –வது வார்டு

அமைப்பாளர் : ஜே.இன்பென்ட்ராஜ், அண்ணா நகர், வல்லம், தஞ்சாவூர்.

துணை அமைப்பாளர்கள் : (1) துஹரிஹரன், அண்ணா நகர் 3–வது தெரு, வல்லம், தஞ்சாவூர். (2) செமனோஜ், அண்ணா நகர் 4–வது தெரு, வல்லம், தஞ்சாவூர்.

பாக அமைப்பாளர்கள் :
பாகம் – 248 : த.அருண், மேட்டுத்தெரு, ரெட்டிபாளையம், வல்லம், தஞ்சாவூர்.
பாகம் – 249 : த.அபினேஷ், மூப்பனார் தெரு, வல்லம், தஞ்சாவூர்.
பாகம் – 250 : த.வசந்தகுமார், பெரியார் நகர், வல்லம், தஞ்சாவூர்.
பாகம் – 251 : ரா.நிகில் அரசன், அகிலாண்டீஸ்வரி மேட்டுத் தெரு, வல்லம், தஞ்சாவூர்.
பாகம் – 252 : ம.ஆரோக்கிய மாலின், பெரியார் நகர், வல்லம், தஞ்சாவூர்.
பாகம் – 253 : ர.விஜய், தெற்கு மேட்டுத் தெரு, வல்லம், தஞ்சாவூர்.
பாகம் – 254 : ம.ஸ்டீபன், நல்லதண்ணீர் கிணறு சாலை, வல்லம், தஞ்சாவூர்.
பாகம் – 255 : ஆ.ஹானஸ்ட்ராஜ், அய்யனார் நகர், வல்லம், தஞ்சாவூர்.
பாகம் – 256 : சு.சந்தோஷ், தெற்கு காமாட்சியம்மன் கோயில் தெரு, வல்லம், தஞ்சாவூர்.
பாகம் – 257 : அ.வினோத்குமார், வெள்ளாளத் தெரு, வல்லம், தஞ்சாவூர்.
பாகம் – 258 : த.திவாகர், நடுத்தெரு, வல்லம், தஞ்சாவூர்.
பாகம் – 259 : தே.முத்துகிருஷ்ணன், கொட்டாரத் தெரு, வல்லம், தஞ்சாவூர்.
பாகம் – 260 : த.அப்பாஸ், மேட்டு முஸ்லிம் தெரு, வல்லம், தஞ்சாவூர்.
